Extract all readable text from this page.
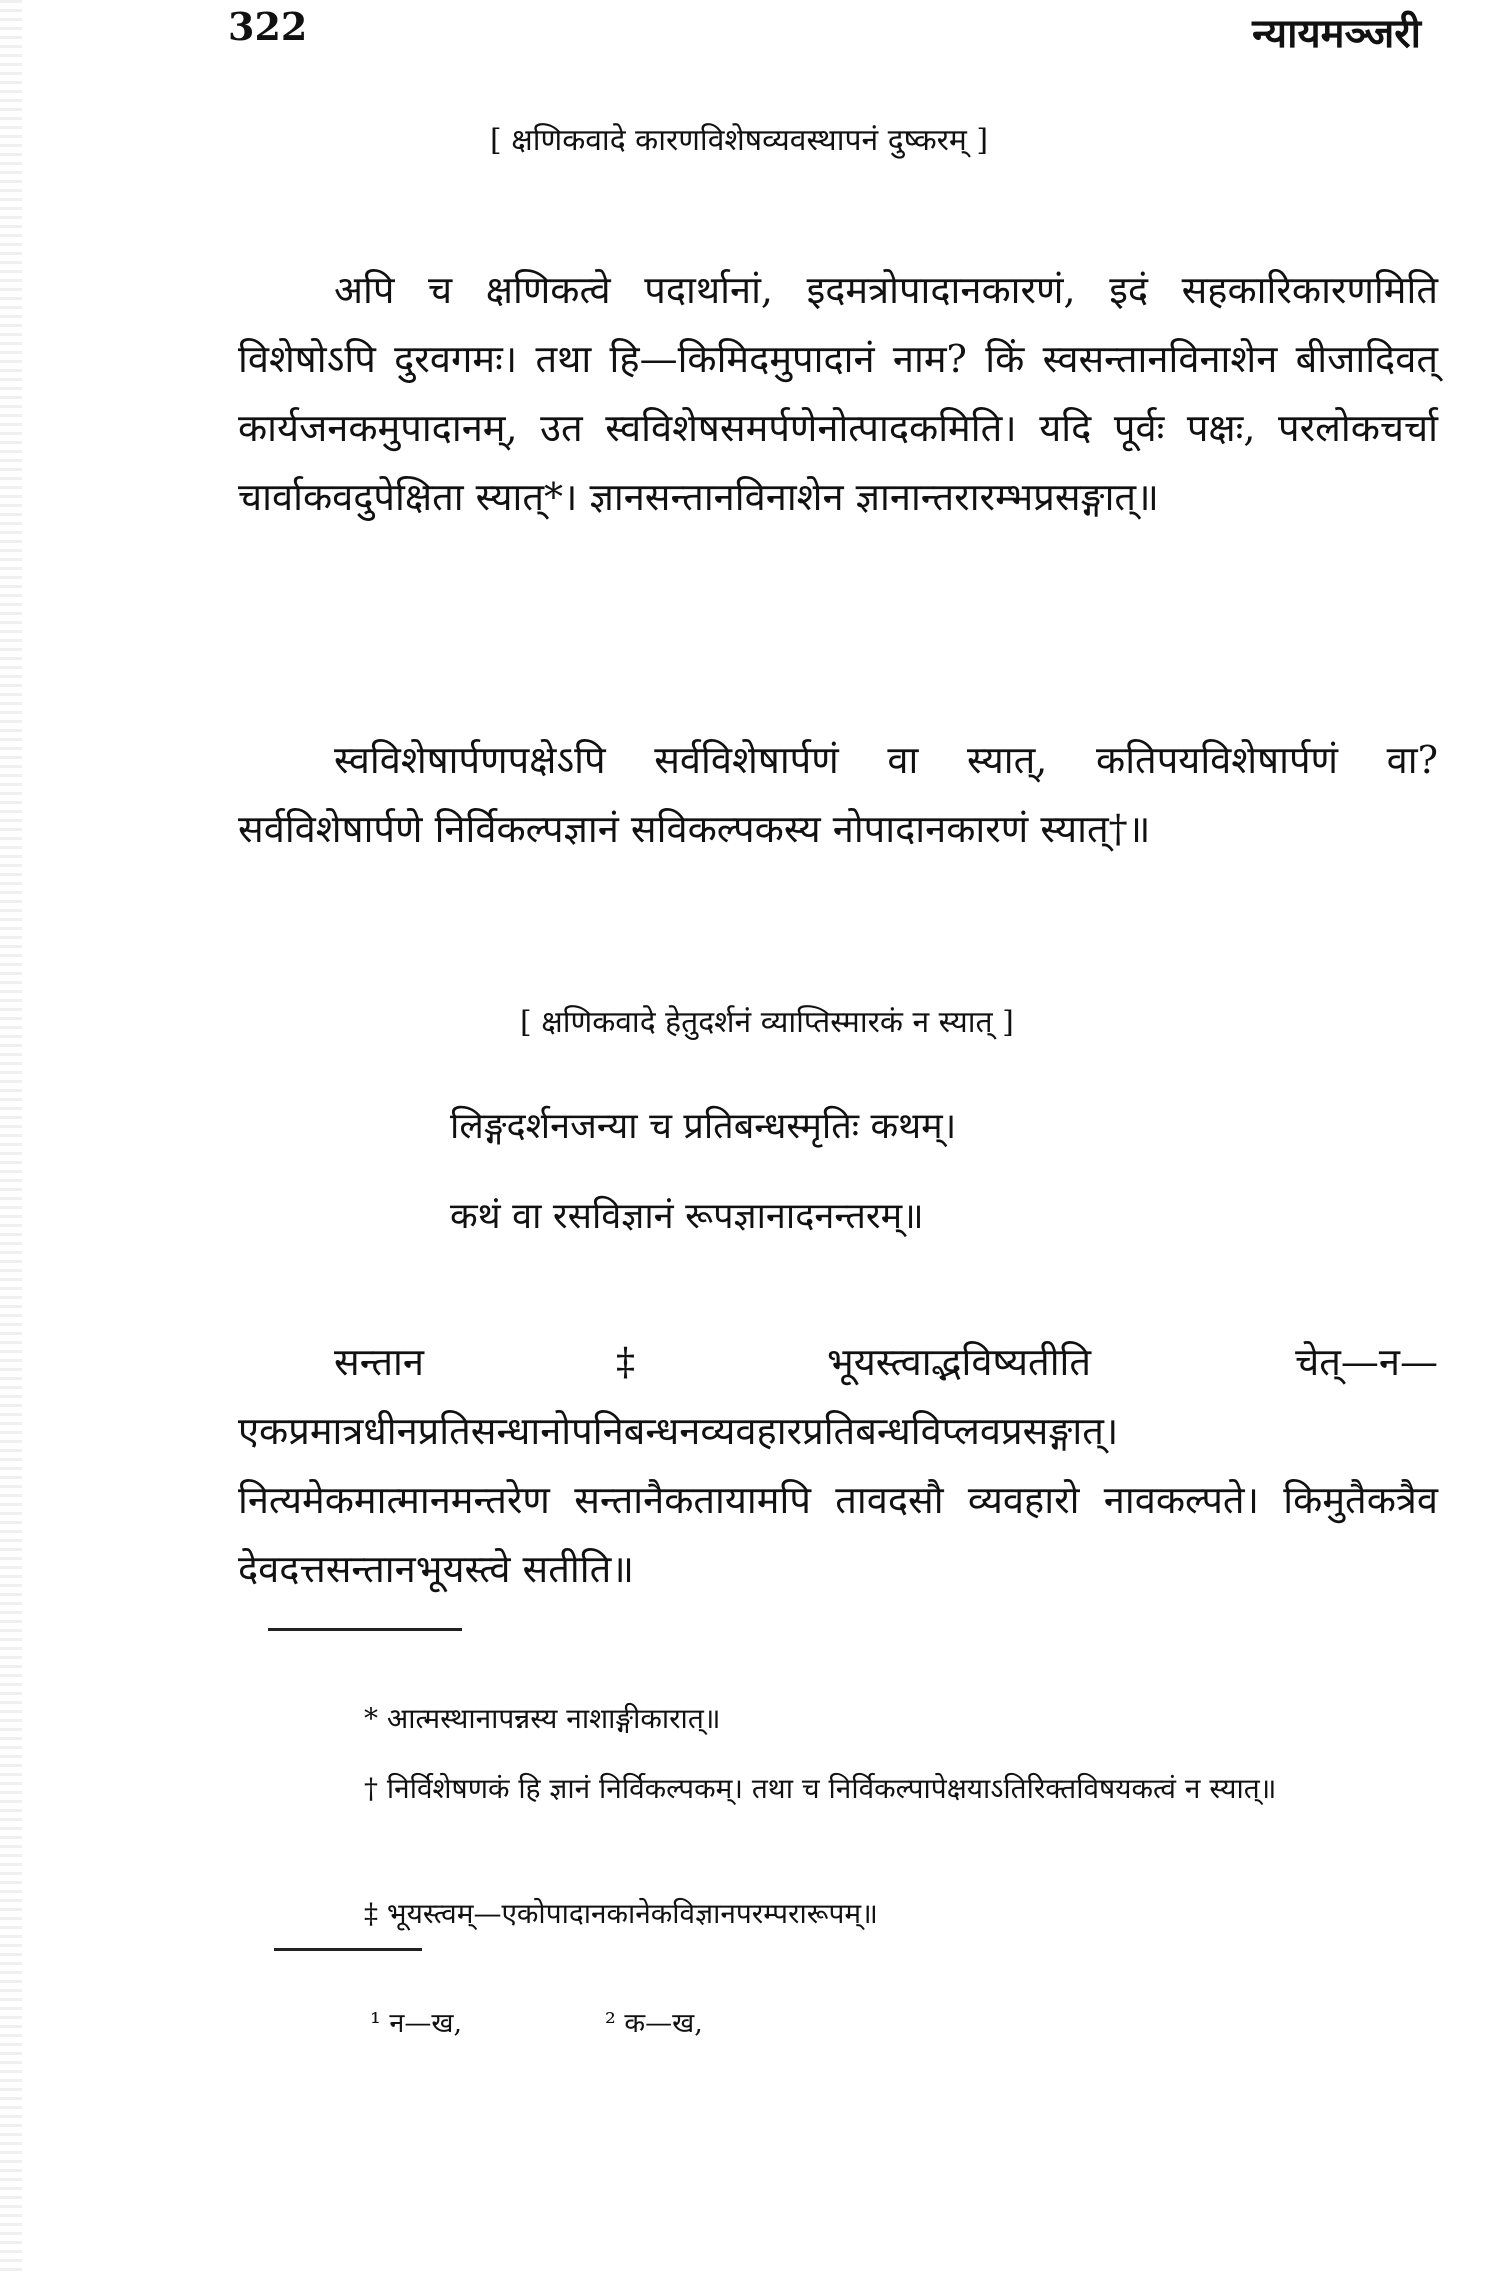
322	न्यायमञ्जरी
[ क्षणिकवादे कारणविशेषव्यवस्थापनं दुष्करम् ]

अपि च क्षणिकत्वे पदार्थानां, इदमत्रोपादानकारणं, इदं सहकारिकारणमिति विशेषोऽपि दुरवगमः। तथा हि—किमिदमुपादानं नाम? किं स्वसन्तानविनाशेन बीजादिवत् कार्यजनकमुपादानम्, उत स्वविशेषसमर्पणेनोत्पादकमिति। यदि पूर्वः पक्षः, परलोकचर्चा चार्वाकवदुपेक्षिता स्यात्*। ज्ञानसन्तानविनाशेन ज्ञानान्तरारम्भप्रसङ्गात्॥

स्वविशेषार्पणपक्षेऽपि सर्वविशेषार्पणं वा स्यात्, कतिपयविशेषार्पणं वा? सर्वविशेषार्पणे निर्विकल्पज्ञानं सविकल्पकस्य नोपादानकारणं स्यात्†॥

[ क्षणिकवादे हेतुदर्शनं व्याप्तिस्मारकं न स्यात् ]
लिङ्गदर्शनजन्या च प्रतिबन्धस्मृतिः कथम्।
कथं वा रसविज्ञानं रूपज्ञानादनन्तरम्॥

सन्तान‡भूयस्त्वाद्भविष्यतीति चेत्—न—एकप्रमात्रधीनप्रतिसन्धानोपनिबन्धनव्यवहारप्रतिबन्धविप्लवप्रसङ्गात्। नित्यमेकमात्मानमन्तरेण सन्तानैकतायामपि तावदसौ व्यवहारो नावकल्पते। किमुतैकत्रैव देवदत्तसन्तानभूयस्त्वे सतीति॥

* आत्मस्थानापन्नस्य नाशाङ्गीकारात्॥

† निर्विशेषणकं हि ज्ञानं निर्विकल्पकम्। तथा च निर्विकल्पापेक्षयाऽतिरिक्तविषयकत्वं न स्यात्॥

‡ भूयस्त्वम्—एकोपादानकानेकविज्ञानपरम्परारूपम्॥

¹ न—ख,	² क—ख,
